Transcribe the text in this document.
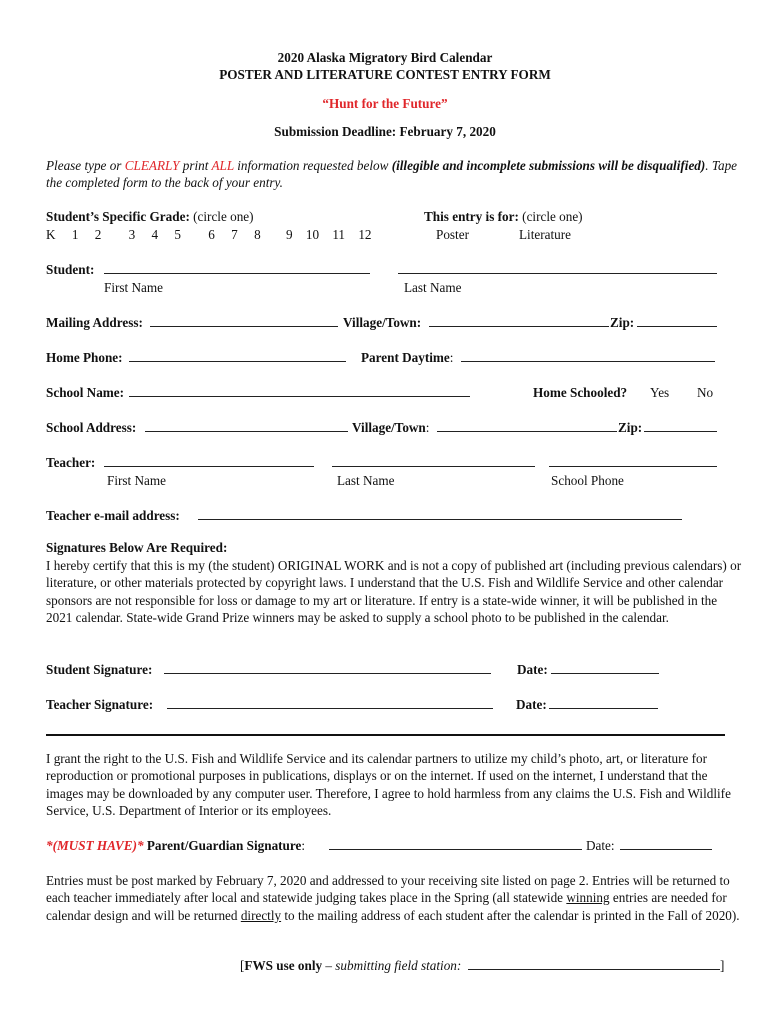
2020 Alaska Migratory Bird Calendar
POSTER AND LITERATURE CONTEST ENTRY FORM
“Hunt for the Future”
Submission Deadline: February 7, 2020
Please type or CLEARLY print ALL information requested below (illegible and incomplete submissions will be disqualified). Tape the completed form to the back of your entry.
Student’s Specific Grade: (circle one)
K 1 2 3 4 5 6 7 8 9 10 11 12
This entry is for: (circle one)
Poster	Literature
Student:
First Name	Last Name
Mailing Address:	Village/Town:	Zip:
Home Phone:	Parent Daytime:
School Name:	Home Schooled? Yes No
School Address:	Village/Town:	Zip:
Teacher:
First Name	Last Name	School Phone
Teacher e-mail address:
Signatures Below Are Required:
I hereby certify that this is my (the student) ORIGINAL WORK and is not a copy of published art (including previous calendars) or literature, or other materials protected by copyright laws. I understand that the U.S. Fish and Wildlife Service and other calendar sponsors are not responsible for loss or damage to my art or literature. If entry is a state-wide winner, it will be published in the 2021 calendar. State-wide Grand Prize winners may be asked to supply a school photo to be published in the calendar.
Student Signature:	Date:
Teacher Signature:	Date:
I grant the right to the U.S. Fish and Wildlife Service and its calendar partners to utilize my child’s photo, art, or literature for reproduction or promotional purposes in publications, displays or on the internet. If used on the internet, I understand that the images may be downloaded by any computer user. Therefore, I agree to hold harmless from any claims the U.S. Fish and Wildlife Service, U.S. Department of Interior or its employees.
*(MUST HAVE)* Parent/Guardian Signature:	Date:
Entries must be post marked by February 7, 2020 and addressed to your receiving site listed on page 2. Entries will be returned to each teacher immediately after local and statewide judging takes place in the Spring (all statewide winning entries are needed for calendar design and will be returned directly to the mailing address of each student after the calendar is printed in the Fall of 2020).
[FWS use only – submitting field station:	]
